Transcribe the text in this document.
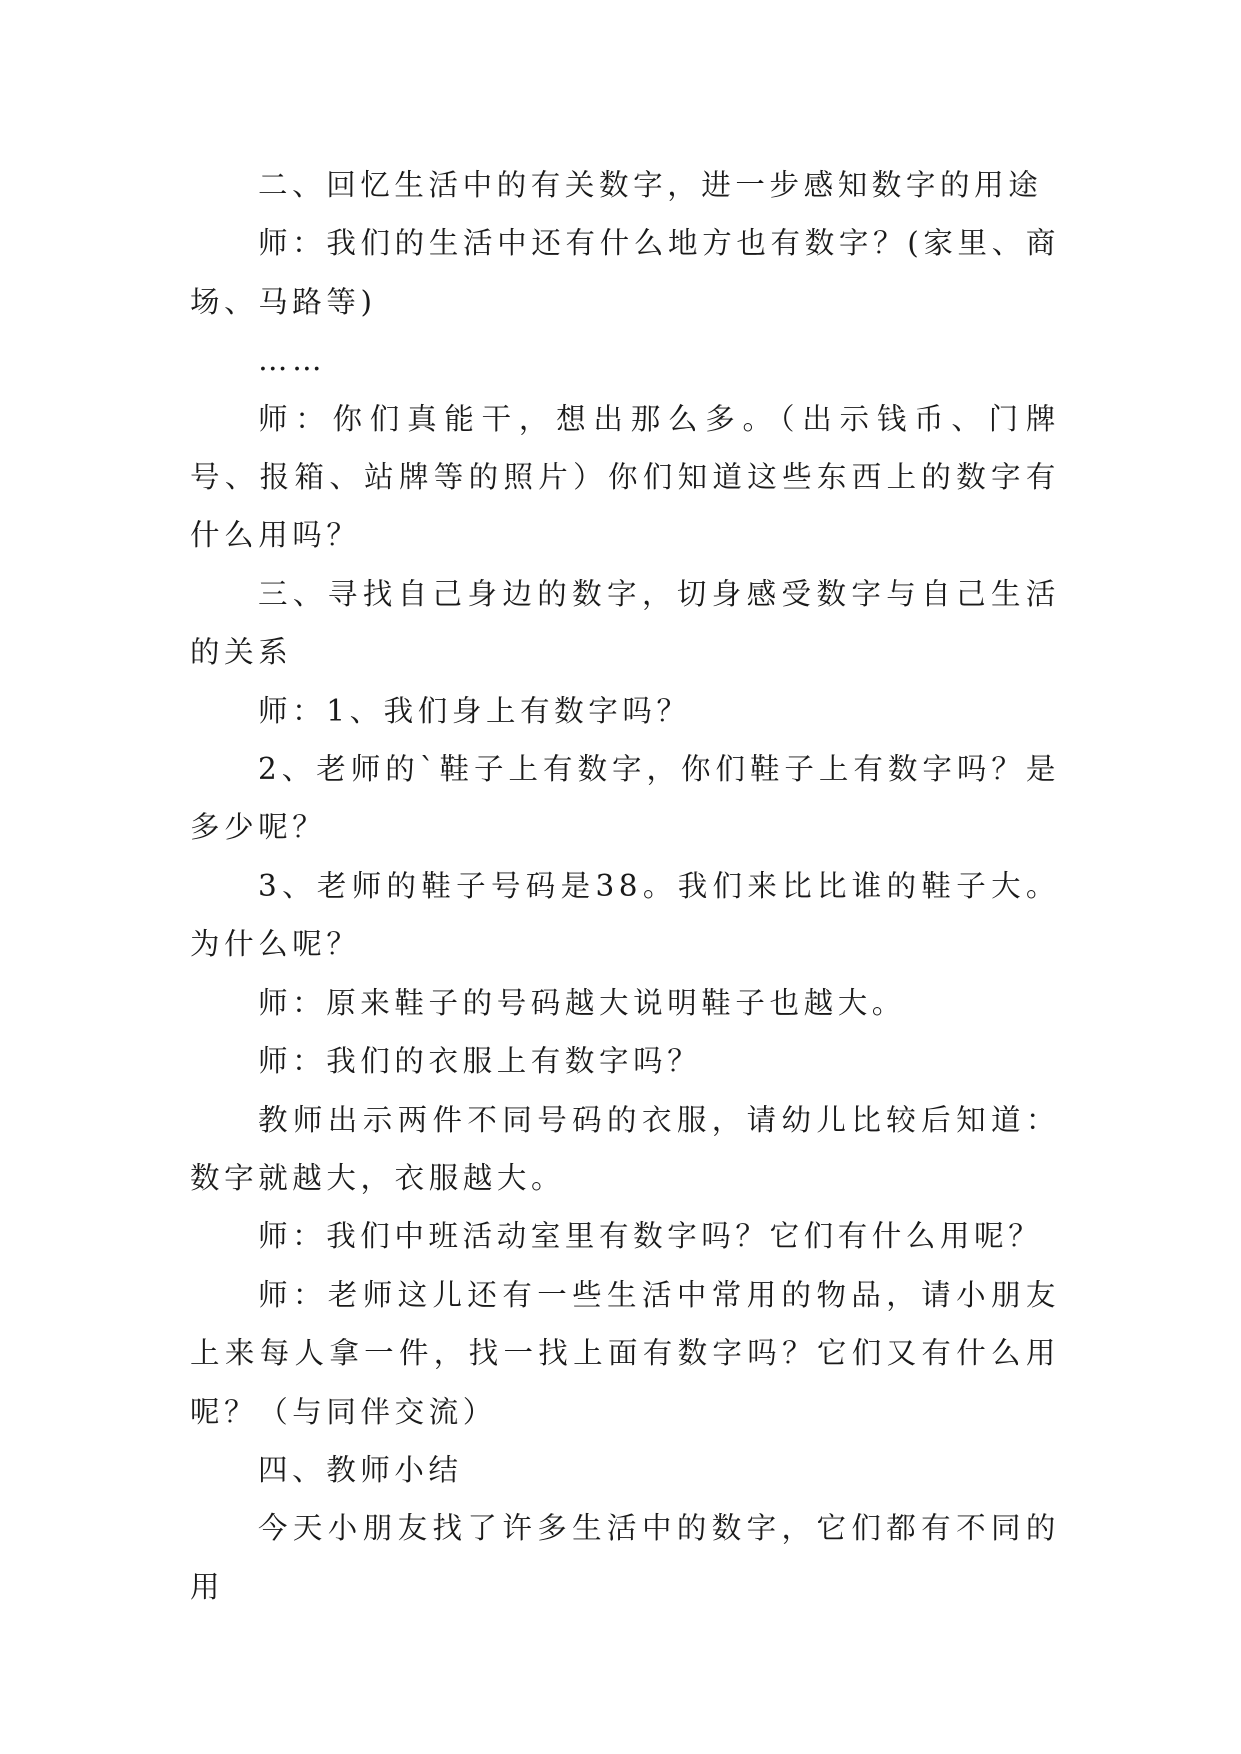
二、回忆生活中的有关数字，进一步感知数字的用途

师：我们的生活中还有什么地方也有数字？(家里、商场、马路等)

……

师：你们真能干，想出那么多。（出示钱币、门牌号、报箱、站牌等的照片）你们知道这些东西上的数字有什么用吗？

三、寻找自己身边的数字，切身感受数字与自己生活的关系

师：1、我们身上有数字吗？

2、老师的`鞋子上有数字，你们鞋子上有数字吗？是多少呢？

3、老师的鞋子号码是38。我们来比比谁的鞋子大。为什么呢？

师：原来鞋子的号码越大说明鞋子也越大。

师：我们的衣服上有数字吗？

教师出示两件不同号码的衣服，请幼儿比较后知道：数字就越大，衣服越大。

师：我们中班活动室里有数字吗？它们有什么用呢？

师：老师这儿还有一些生活中常用的物品，请小朋友上来每人拿一件，找一找上面有数字吗？它们又有什么用呢？（与同伴交流）

四、教师小结

今天小朋友找了许多生活中的数字，它们都有不同的用
